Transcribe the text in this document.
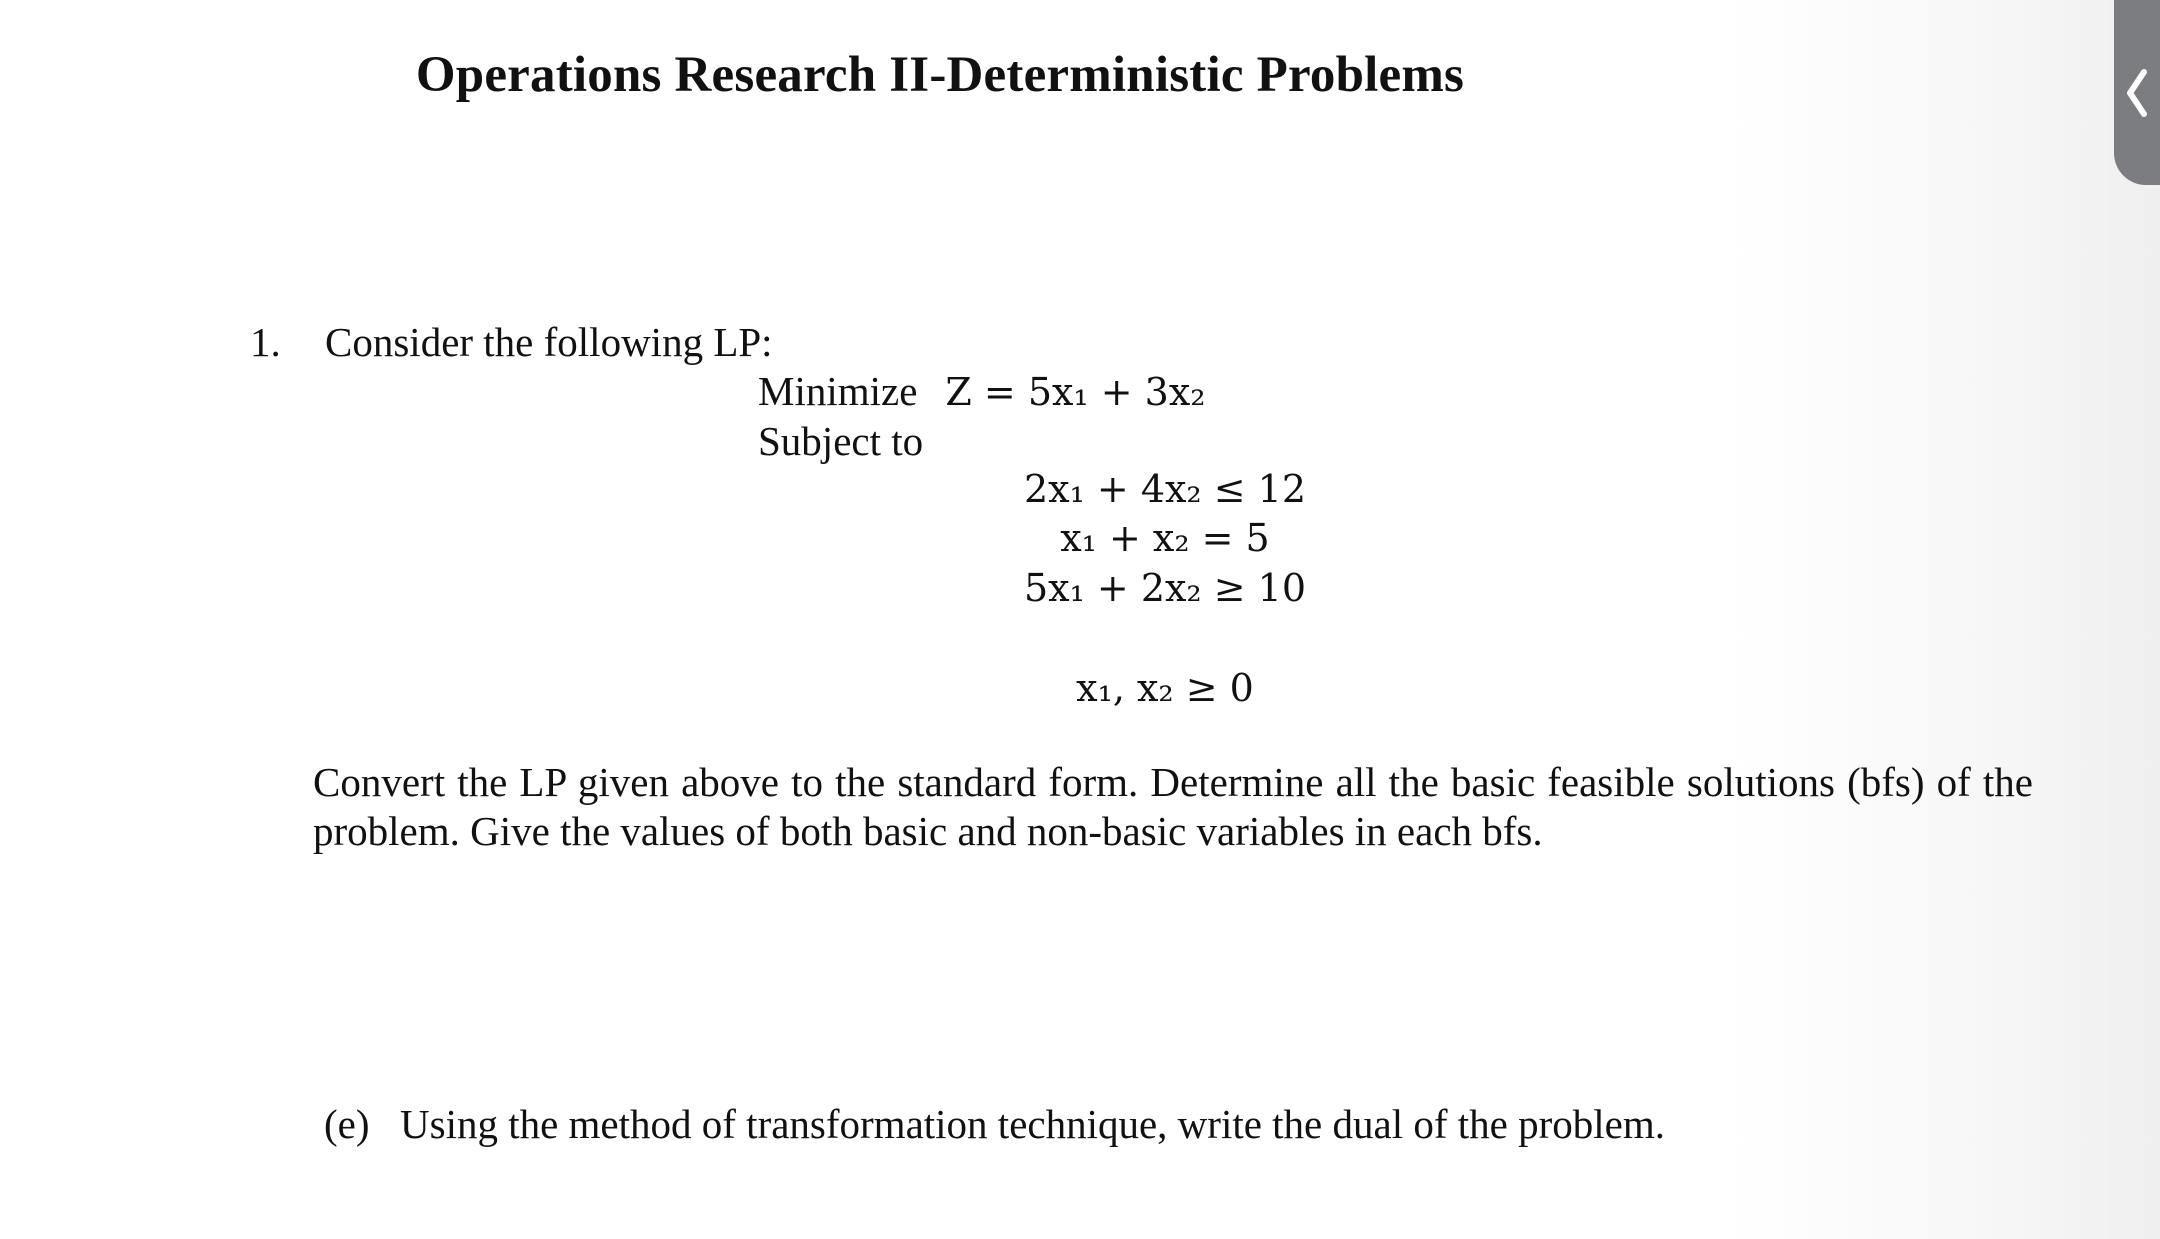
Operations Research II-Deterministic Problems
1. Consider the following LP:
Minimize Z = 5x₁ + 3x₂
Subject to
2x₁ + 4x₂ ≤ 12
x₁ + x₂ = 5
5x₁ + 2x₂ ≥ 10
x₁, x₂ ≥ 0
Convert the LP given above to the standard form. Determine all the basic feasible solutions (bfs) of the problem. Give the values of both basic and non-basic variables in each bfs.
(e) Using the method of transformation technique, write the dual of the problem.
